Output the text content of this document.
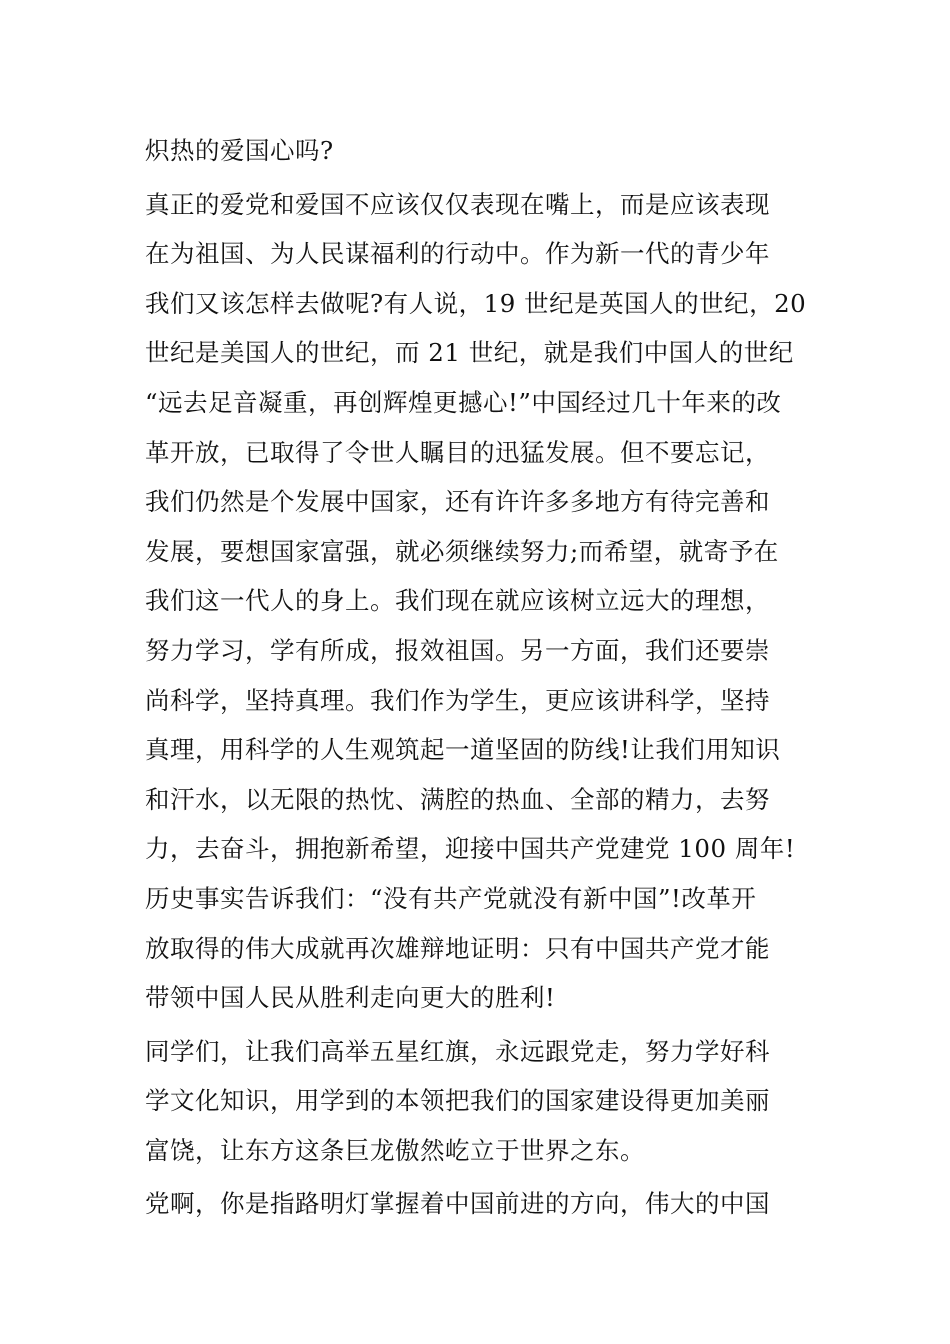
炽热的爱国心吗?

真正的爱党和爱国不应该仅仅表现在嘴上，而是应该表现
在为祖国、为人民谋福利的行动中。作为新一代的青少年
我们又该怎样去做呢?有人说，19 世纪是英国人的世纪，20
世纪是美国人的世纪，而 21 世纪，就是我们中国人的世纪
“远去足音凝重，再创辉煌更撼心!”中国经过几十年来的改
革开放，已取得了令世人瞩目的迅猛发展。但不要忘记，
我们仍然是个发展中国家，还有许许多多地方有待完善和
发展，要想国家富强，就必须继续努力;而希望，就寄予在
我们这一代人的身上。我们现在就应该树立远大的理想，
努力学习，学有所成，报效祖国。另一方面，我们还要崇
尚科学，坚持真理。我们作为学生，更应该讲科学，坚持
真理，用科学的人生观筑起一道坚固的防线!让我们用知识
和汗水，以无限的热忱、满腔的热血、全部的精力，去努
力，去奋斗，拥抱新希望，迎接中国共产党建党 100 周年!
历史事实告诉我们：“没有共产党就没有新中国”!改革开
放取得的伟大成就再次雄辩地证明：只有中国共产党才能
带领中国人民从胜利走向更大的胜利!

同学们，让我们高举五星红旗，永远跟党走，努力学好科
学文化知识，用学到的本领把我们的国家建设得更加美丽
富饶，让东方这条巨龙傲然屹立于世界之东。

党啊，你是指路明灯掌握着中国前进的方向，伟大的中国
